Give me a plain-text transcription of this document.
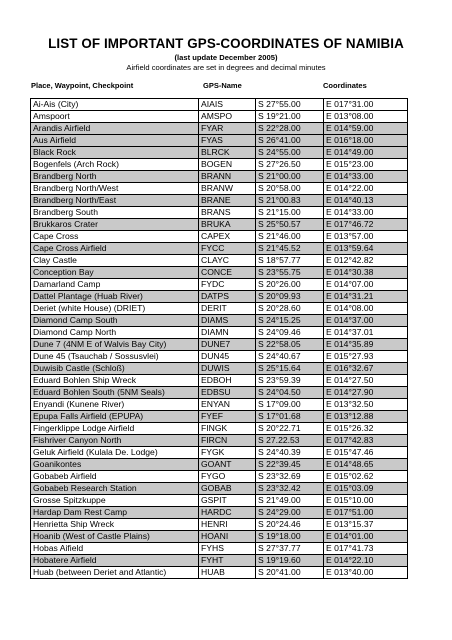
LIST OF IMPORTANT GPS-COORDINATES OF NAMIBIA
(last update December 2005)
Airfield coordinates are set in degrees and decimal minutes
Place, Waypoint, Checkpoint	GPS-Name	Coordinates
Ai-Ais (City)	AIAIS	S 27°55.00	E 017°31.00
Amspoort	AMSPO	S 19°21.00	E 013°08.00
Arandis Airfield	FYAR	S 22°28.00	E 014°59.00
Aus Airfield	FYAS	S 26°41.00	E 016°18.00
Black Rock	BLRCK	S 24°55.00	E 014°49.00
Bogenfels (Arch Rock)	BOGEN	S 27°26.50	E 015°23.00
Brandberg North	BRANN	S 21°00.00	E 014°33.00
Brandberg North/West	BRANW	S 20°58.00	E 014°22.00
Brandberg North/East	BRANE	S 21°00.83	E 014°40.13
Brandberg South	BRANS	S 21°15.00	E 014°33.00
Brukkaros Crater	BRUKA	S 25°50.57	E 017°46.72
Cape Cross	CAPEX	S 21°46.00	E 013°57.00
Cape Cross Airfield	FYCC	S 21°45.52	E 013°59.64
Clay Castle	CLAYC	S 18°57.77	E 012°42.82
Conception Bay	CONCE	S 23°55.75	E 014°30.38
Damarland Camp	FYDC	S 20°26.00	E 014°07.00
Dattel Plantage (Huab River)	DATPS	S 20°09.93	E 014°31.21
Deriet (white House) (DRIET)	DERIT	S 20°28.60	E 014°08.00
Diamond Camp South	DIAMS	S 24°15.25	E 014°37.00
Diamond Camp North	DIAMN	S 24°09.46	E 014°37.01
Dune 7 (4NM E of Walvis Bay City)	DUNE7	S 22°58.05	E 014°35.89
Dune 45 (Tsauchab / Sossusvlei)	DUN45	S 24°40.67	E 015°27.93
Duwisib Castle (Schloß)	DUWIS	S 25°15.64	E 016°32.67
Eduard Bohlen Ship Wreck	EDBOH	S 23°59.39	E 014°27.50
Eduard Bohlen South (5NM Seals)	EDBSU	S 24°04.50	E 014°27.90
Enyandi (Kunene River)	ENYAN	S 17°09.00	E 013°32.50
Epupa Falls Airfield (EPUPA)	FYEF	S 17°01.68	E 013°12.88
Fingerklippe Lodge Airfield	FINGK	S 20°22.71	E 015°26.32
Fishriver Canyon North	FIRCN	S 27.22.53	E 017°42.83
Geluk Airfield (Kulala De. Lodge)	FYGK	S 24°40.39	E 015°47.46
Goanikontes	GOANT	S 22°39.45	E 014°48.65
Gobabeb Airfield	FYGO	S 23°32.69	E 015°02.62
Gobabeb Research Station	GOBAB	S 23°32.42	E 015°03.09
Grosse Spitzkuppe	GSPIT	S 21°49.00	E 015°10.00
Hardap Dam Rest Camp	HARDC	S 24°29.00	E 017°51.00
Henrietta Ship Wreck	HENRI	S 20°24.46	E 013°15.37
Hoanib (West of Castle Plains)	HOANI	S 19°18.00	E 014°01.00
Hobas Aifield	FYHS	S 27°37.77	E 017°41.73
Hobatere Airfield	FYHT	S 19°19.60	E 014°22.10
Huab (between Deriet and Atlantic)	HUAB	S 20°41.00	E 013°40.00
